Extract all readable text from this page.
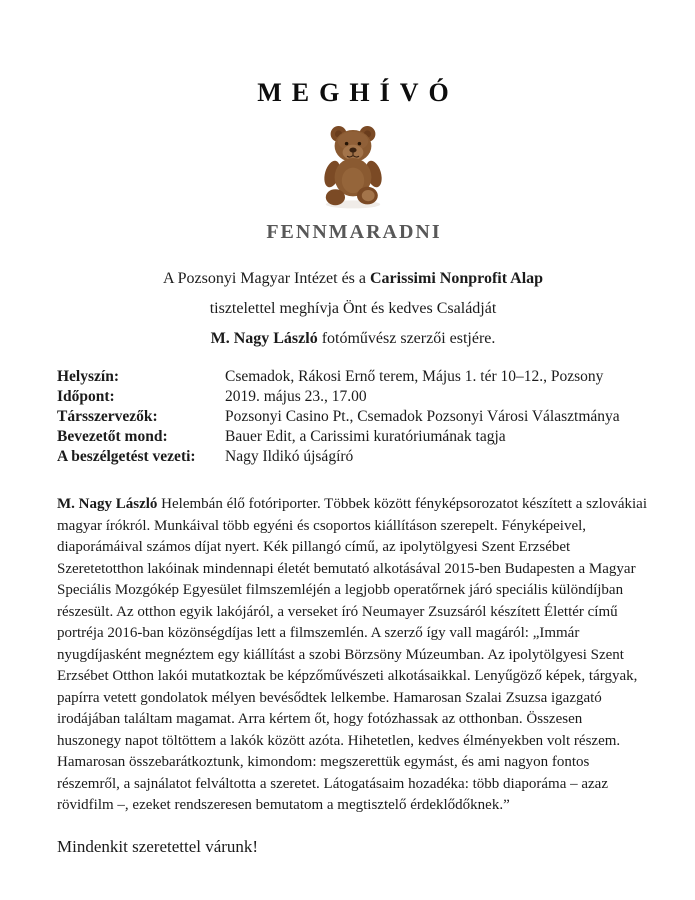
MEGHÍVÓ
FENNMARADNI
A Pozsonyi Magyar Intézet és a Carissimi Nonprofit Alap
tisztelettel meghívja Önt és kedves Családját
M. Nagy László fotóművész szerzői estjére.
Helyszín:	Csemadok, Rákosi Ernő terem, Május 1. tér 10–12., Pozsony
Időpont:	2019. május 23., 17.00
Társszervezők:	Pozsonyi Casino Pt., Csemadok Pozsonyi Városi Választmánya
Bevezetőt mond:	Bauer Edit, a Carissimi kuratóriumának tagja
A beszélgetést vezeti:	Nagy Ildikó újságíró
M. Nagy László Helembán élő fotóriporter. Többek között fényképsorozatot készített a szlovákiai magyar írókról. Munkáival több egyéni és csoportos kiállításon szerepelt. Fényképeivel, diaporámáival számos díjat nyert. Kék pillangó című, az ipolytölgyesi Szent Erzsébet Szeretetotthon lakóinak mindennapi életét bemutató alkotásával 2015-ben Budapesten a Magyar Speciális Mozgókép Egyesület filmszemléjén a legjobb operatőrnek járó speciális különdíjban részesült. Az otthon egyik lakójáról, a verseket író Neumayer Zsuzsáról készített Élettér című portréja 2016-ban közönségdíjas lett a filmszemlén. A szerző így vall magáról: „Immár nyugdíjasként megnéztem egy kiállítást a szobi Börzsöny Múzeumban. Az ipolytölgyesi Szent Erzsébet Otthon lakói mutatkoztak be képzőművészeti alkotásaikkal. Lenyűgöző képek, tárgyak, papírra vetett gondolatok mélyen bevésődtek lelkembe. Hamarosan Szalai Zsuzsa igazgató irodájában találtam magamat. Arra kértem őt, hogy fotózhassak az otthonban. Összesen huszonegy napot töltöttem a lakók között azóta. Hihetetlen, kedves élményekben volt részem. Hamarosan összebarátkoztunk, kimondom: megszerettük egymást, és ami nagyon fontos részemről, a sajnálatot felváltotta a szeretet. Látogatásaim hozadéka: több diaporáma – azaz rövidfilm –, ezeket rendszeresen bemutatom a megtisztelő érdeklődőknek.”
Mindenkit szeretettel várunk!
